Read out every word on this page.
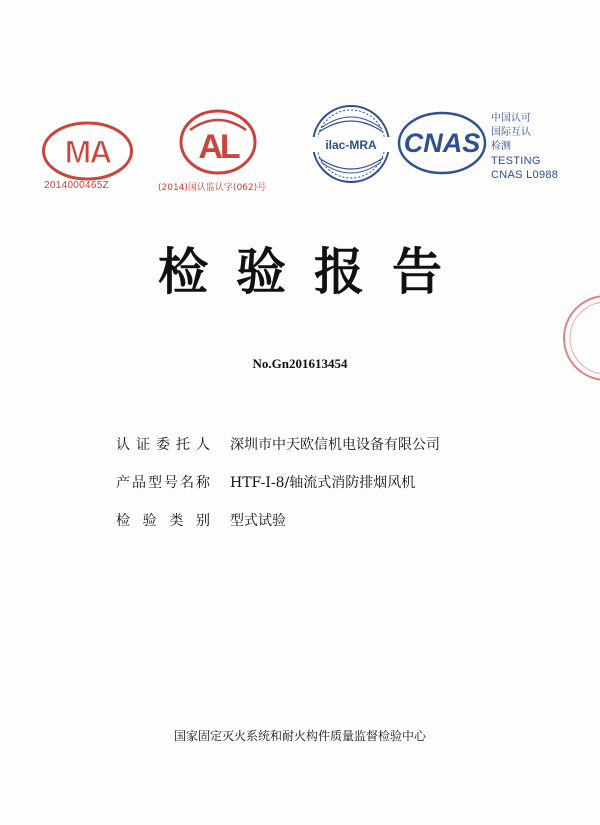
MA
2014000465Z
AL
(2014)国认监认字(062)号
ilac-MRA CNAS
中国认可
国际互认
检测
TESTING
CNAS L0988
检验报告
No.Gn201613454
认 证 委 托 人 深圳市中天欧信机电设备有限公司
产 品 型 号 名 称 HTF-Ⅰ-8/轴流式消防排烟风机
检 验 类 别 型式试验
国家固定灭火系统和耐火构件质量监督检验中心
